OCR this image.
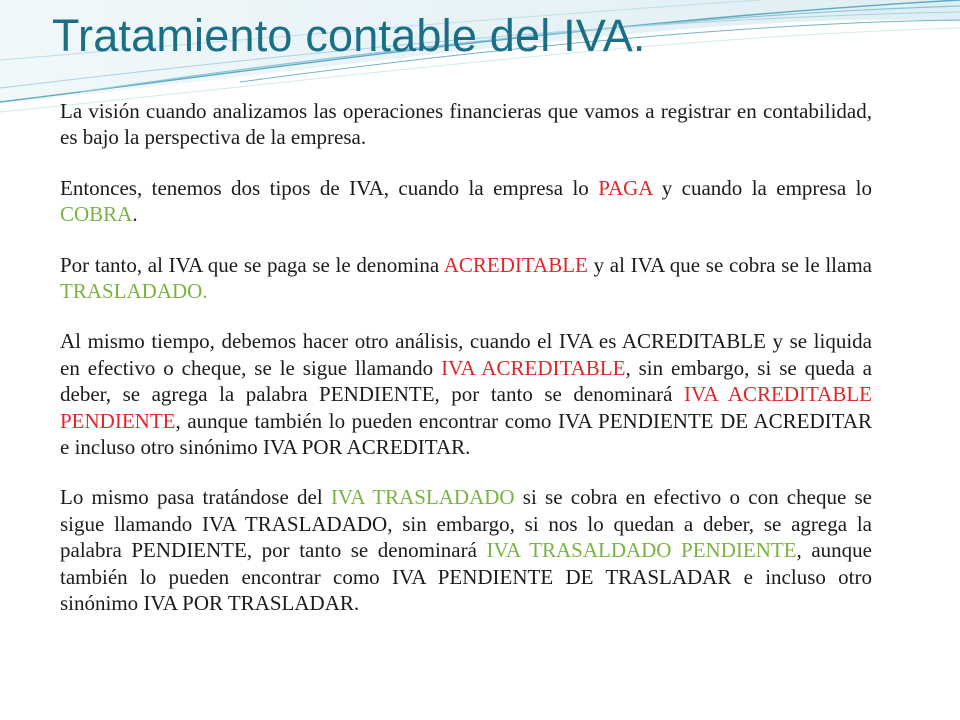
Tratamiento contable del IVA.

La visión cuando analizamos las operaciones financieras que vamos a registrar en contabilidad, es bajo la perspectiva de la empresa.

Entonces, tenemos dos tipos de IVA, cuando la empresa lo PAGA y cuando la empresa lo COBRA.

Por tanto, al IVA que se paga se le denomina ACREDITABLE y al IVA que se cobra se le llama TRASLADADO.

Al mismo tiempo, debemos hacer otro análisis, cuando el IVA es ACREDITABLE y se liquida en efectivo o cheque, se le sigue llamando IVA ACREDITABLE, sin embargo, si se queda a deber, se agrega la palabra PENDIENTE, por tanto se denominará IVA ACREDITABLE PENDIENTE, aunque también lo pueden encontrar como IVA PENDIENTE DE ACREDITAR e incluso otro sinónimo IVA POR ACREDITAR.

Lo mismo pasa tratándose del IVA TRASLADADO si se cobra en efectivo o con cheque se sigue llamando IVA TRASLADADO, sin embargo, si nos lo quedan a deber, se agrega la palabra PENDIENTE, por tanto se denominará IVA TRASALDADO PENDIENTE, aunque también lo pueden encontrar como IVA PENDIENTE DE TRASLADAR e incluso otro sinónimo IVA POR TRASLADAR.
